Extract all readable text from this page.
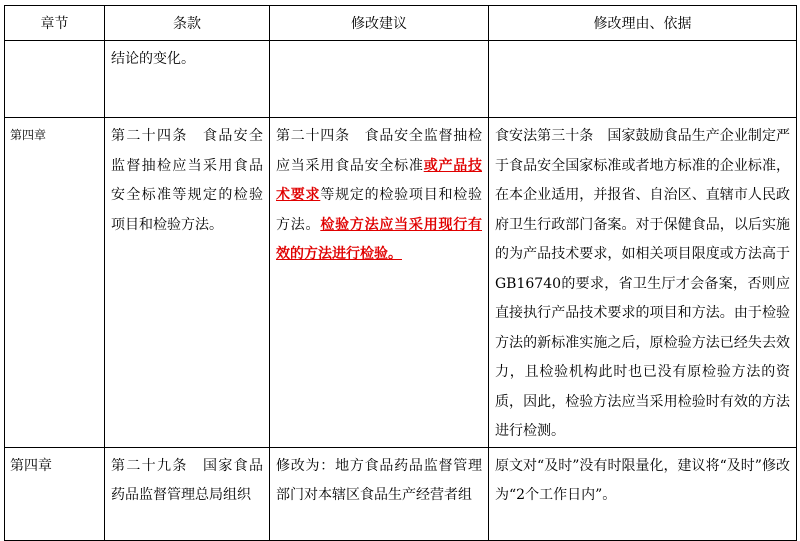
章节	条款	修改建议	修改理由、依据

	结论的变化。		

第四章	第二十四条　食品安全监督抽检应当采用食品安全标准等规定的检验项目和检验方法。	第二十四条　食品安全监督抽检应当采用食品安全标准或产品技术要求等规定的检验项目和检验方法。检验方法应当采用现行有效的方法进行检验。	食安法第三十条　国家鼓励食品生产企业制定严于食品安全国家标准或者地方标准的企业标准，在本企业适用，并报省、自治区、直辖市人民政府卫生行政部门备案。对于保健食品，以后实施的为产品技术要求，如相关项目限度或方法高于GB16740的要求，省卫生厅才会备案，否则应直接执行产品技术要求的项目和方法。由于检验方法的新标准实施之后，原检验方法已经失去效力，且检验机构此时也已没有原检验方法的资质，因此，检验方法应当采用检验时有效的方法进行检测。

第四章	第二十九条　国家食品药品监督管理总局组织	修改为：地方食品药品监督管理部门对本辖区食品生产经营者组	原文对“及时”没有时限量化，建议将“及时”修改为“2个工作日内”。
